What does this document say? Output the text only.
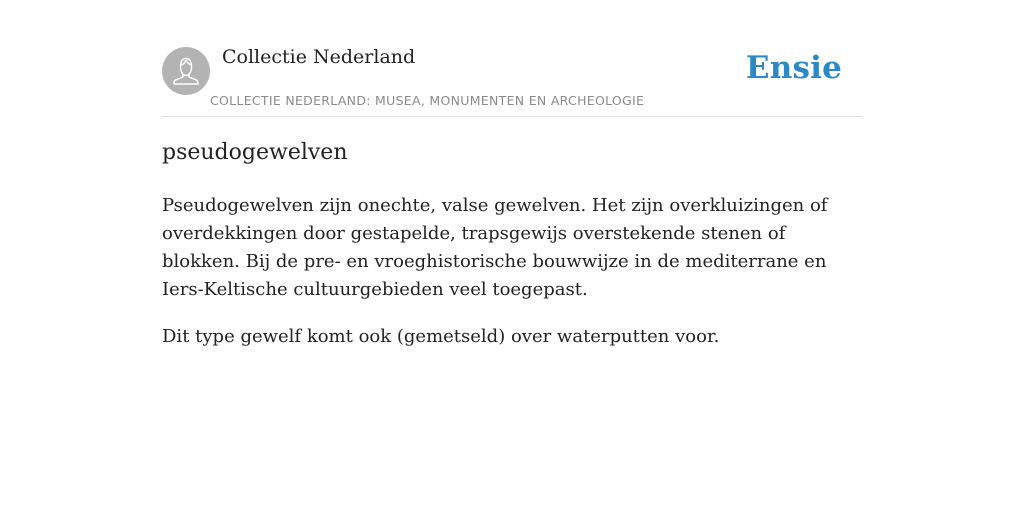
Collectie Nederland
COLLECTIE NEDERLAND: MUSEA, MONUMENTEN EN ARCHEOLOGIE
Ensie
pseudogewelven

Pseudogewelven zijn onechte, valse gewelven. Het zijn overkluizingen of overdekkingen door gestapelde, trapsgewijs overstekende stenen of blokken. Bij de pre- en vroeghistorische bouwwijze in de mediterrane en Iers-Keltische cultuurgebieden veel toegepast.

Dit type gewelf komt ook (gemetseld) over waterputten voor.
